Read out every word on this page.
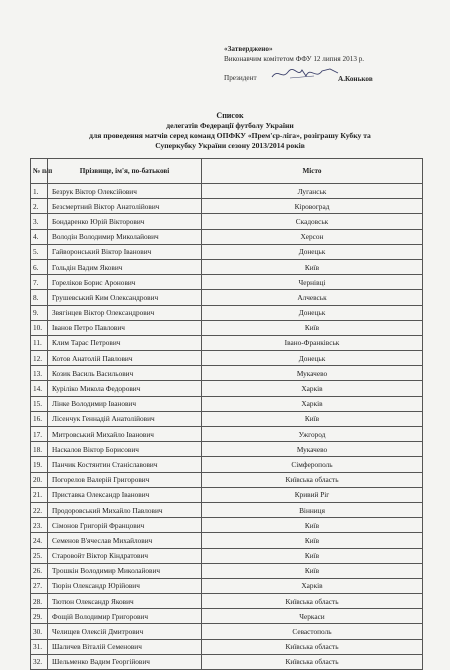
«Затверджено»
Виконавчим комітетом ФФУ 12 липня 2013 р.
Президент	А.Коньков
Список
делегатів Федерації футболу України
для проведення матчів серед команд ОПФКУ «Прем'єр-ліга», розіграшу Кубку та
Суперкубку України сезону 2013/2014 років
№ п/п	Прізвище, ім'я, по-батькові	Місто
1.	Безрук Віктор Олексійович	Луганськ
2.	Безсмертний Віктор Анатолійович	Кіровоград
3.	Бондаренко Юрій Вікторович	Скадовськ
4.	Володін Володимир Миколайович	Херсон
5.	Гайворонський Віктор Іванович	Донецьк
6.	Гольдін Вадим Якович	Київ
7.	Гореліков Борис Аронович	Чернівці
8.	Грушевський Ким Олександрович	Алчевськ
9.	Звягінцев Віктор Олександрович	Донецьк
10.	Іванов Петро Павлович	Київ
11.	Клим Тарас Петрович	Івано-Франківськ
12.	Котов Анатолій Павлович	Донецьк
13.	Козик Василь Васильович	Мукачево
14.	Куріліко Микола Федорович	Харків
15.	Лінке Володимир Іванович	Харків
16.	Лісенчук Геннадій Анатолійович	Київ
17.	Митровський Михайло Іванович	Ужгород
18.	Наскалов Віктор Борисович	Мукачево
19.	Панчик Костянтин Станіславович	Сімферополь
20.	Погорелов Валерій Григорович	Київська область
21.	Приставка Олександр Іванович	Кривий Ріг
22.	Продоровський Михайло Павлович	Вінниця
23.	Сімонов Григорій Францович	Київ
24.	Семенов В'ячеслав Михайлович	Київ
25.	Старовойт Віктор Кіндратович	Київ
26.	Трошкін Володимир Миколайович	Київ
27.	Тюрін Олександр Юрійович	Харків
28.	Тютюн Олександр Якович	Київська область
29.	Фощій Володимир Григорович	Черкаси
30.	Челищев Олексій Дмитрович	Севастополь
31.	Шаличев Віталій Семенович	Київська область
32.	Шельменко Вадим Георгійович	Київська область
